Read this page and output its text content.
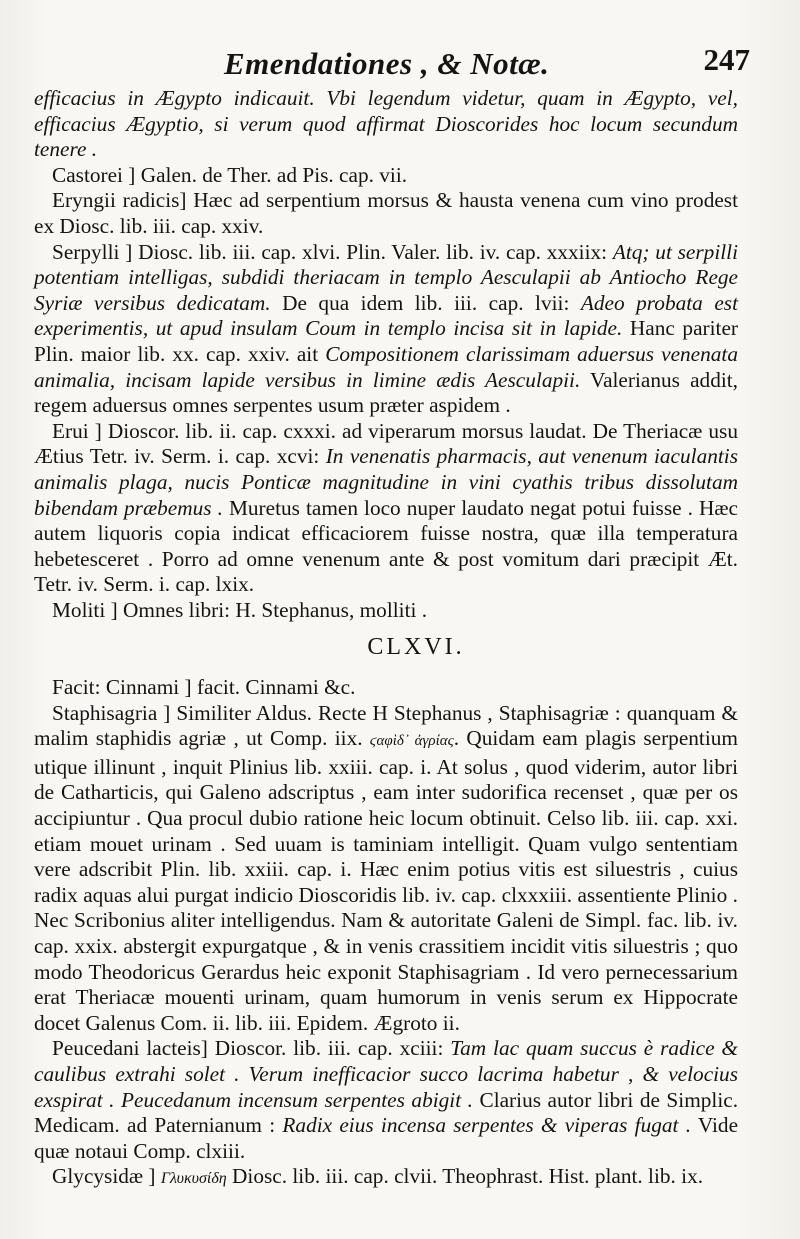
Emendationes , & Notæ.	247

efficacius in Ægypto indicauit. Vbi legendum videtur, quam in Ægypto, vel, efficacius Ægyptio, si verum quod affirmat Dioscorides hoc locum secundum tenere .

Castorei ] Galen. de Ther. ad Pis. cap. vii.

Eryngii radicis] Hæc ad serpentium morsus & hausta venena cum vino prodest ex Diosc. lib. iii. cap. xxiv.

Serpylli ] Diosc. lib. iii. cap. xlvi. Plin. Valer. lib. iv. cap. xxxiix: Atq; ut serpilli potentiam intelligas, subdidi theriacam in templo Aesculapii ab Antiocho Rege Syriæ versibus dedicatam. De qua idem lib. iii. cap. lvii: Adeo probata est experimentis, ut apud insulam Coum in templo incisa sit in lapide. Hanc pariter Plin. maior lib. xx. cap. xxiv. ait Compositionem clarissimam aduersus venenata animalia, incisam lapide versibus in limine ædis Aesculapii. Valerianus addit, regem aduersus omnes serpentes usum præter aspidem .

Erui ] Dioscor. lib. ii. cap. cxxxi. ad viperarum morsus laudat. De Theriacæ usu Ætius Tetr. iv. Serm. i. cap. xcvi: In venenatis pharmacis, aut venenum iaculantis animalis plaga, nucis Ponticæ magnitudine in vini cyathis tribus dissolutam bibendam præbemus . Muretus tamen loco nuper laudato negat potui fuisse . Hæc autem liquoris copia indicat efficaciorem fuisse nostra, quæ illa temperatura hebetesceret . Porro ad omne venenum ante & post vomitum dari præcipit Æt. Tetr. iv. Serm. i. cap. lxix.

Moliti ] Omnes libri: H. Stephanus, molliti .

CLXVI.

Facit: Cinnami ] facit. Cinnami &c.

Staphisagria ] Similiter Aldus. Recte H Stephanus , Staphisagriæ : quanquam & malim staphidis agriæ , ut Comp. iix. ϛαφὶδ᾽ ἀγρίας. Quidam eam plagis serpentium utique illinunt , inquit Plinius lib. xxiii. cap. i. At solus , quod viderim, autor libri de Catharticis, qui Galeno adscriptus , eam inter sudorifica recenset , quæ per os accipiuntur . Qua procul dubio ratione heic locum obtinuit. Celso lib. iii. cap. xxi. etiam mouet urinam . Sed uuam is taminiam intelligit. Quam vulgo sententiam vere adscribit Plin. lib. xxiii. cap. i. Hæc enim potius vitis est siluestris , cuius radix aquas alui purgat indicio Dioscoridis lib. iv. cap. clxxxiii. assentiente Plinio . Nec Scribonius aliter intelligendus. Nam & autoritate Galeni de Simpl. fac. lib. iv. cap. xxix. abstergit expurgatque , & in venis crassitiem incidit vitis siluestris ; quo modo Theodoricus Gerardus heic exponit Staphisagriam . Id vero pernecessarium erat Theriacæ mouenti urinam, quam humorum in venis serum ex Hippocrate docet Galenus Com. ii. lib. iii. Epidem. Ægroto ii.

Peucedani lacteis] Dioscor. lib. iii. cap. xciii: Tam lac quam succus è radice & caulibus extrahi solet . Verum inefficacior succo lacrima habetur , & velocius exspirat . Peucedanum incensum serpentes abigit . Clarius autor libri de Simplic. Medicam. ad Paternianum : Radix eius incensa serpentes & viperas fugat . Vide quæ notaui Comp. clxiii.

Glycysidæ ] Γλυκυσίδη Diosc. lib. iii. cap. clvii. Theophrast. Hist. plant. lib. ix.
